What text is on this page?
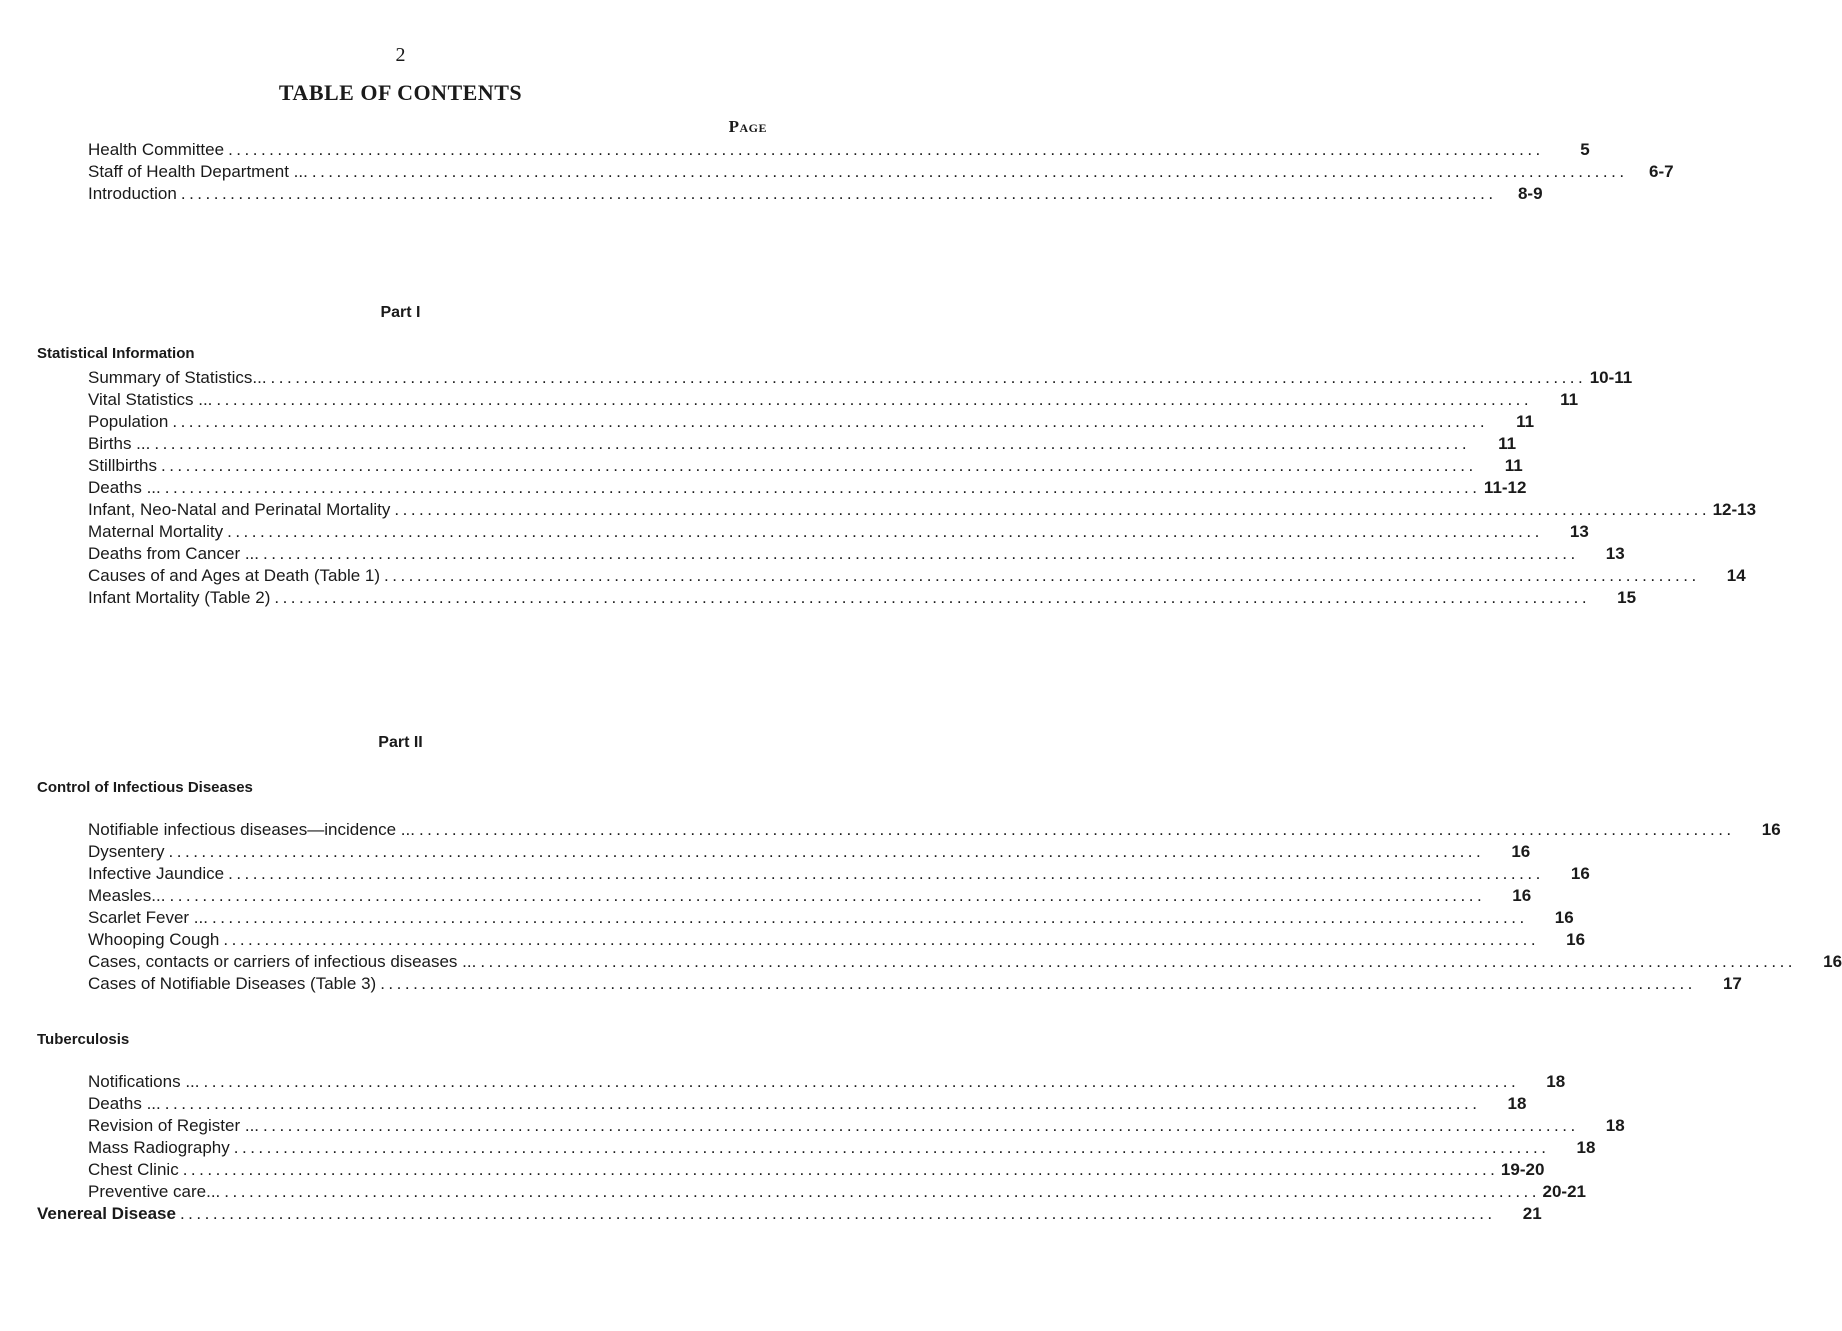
2
TABLE OF CONTENTS
Page
Health Committee ................................................................................................................................................................	5
Staff of Health Department ... ................................................................................................................................................................	6-7
Introduction ................................................................................................................................................................	8-9
Part I
Statistical Information
Summary of Statistics... ................................................................................................................................................................ 10-11
Vital Statistics ... ................................................................................................................................................................	11
Population ................................................................................................................................................................	11
Births ... ................................................................................................................................................................	11
Stillbirths ................................................................................................................................................................	11
Deaths ... ................................................................................................................................................................ 11-12
Infant, Neo-Natal and Perinatal Mortality ................................................................................................................................................................ 12-13
Maternal Mortality ................................................................................................................................................................	13
Deaths from Cancer ... ................................................................................................................................................................	13
Causes of and Ages at Death (Table 1) ................................................................................................................................................................	14
Infant Mortality (Table 2) ................................................................................................................................................................	15
Part II
Control of Infectious Diseases
Notifiable infectious diseases—incidence ... ................................................................................................................................................................	16
Dysentery ................................................................................................................................................................	16
Infective Jaundice ................................................................................................................................................................	16
Measles... ................................................................................................................................................................	16
Scarlet Fever ... ................................................................................................................................................................	16
Whooping Cough ................................................................................................................................................................	16
Cases, contacts or carriers of infectious diseases ... ................................................................................................................................................................	16
Cases of Notifiable Diseases (Table 3) ................................................................................................................................................................	17
Tuberculosis
Notifications ... ................................................................................................................................................................	18
Deaths ... ................................................................................................................................................................	18
Revision of Register ... ................................................................................................................................................................	18
Mass Radiography ................................................................................................................................................................	18
Chest Clinic ................................................................................................................................................................ 19-20
Preventive care... ................................................................................................................................................................ 20-21
Venereal Disease ................................................................................................................................................................	21
